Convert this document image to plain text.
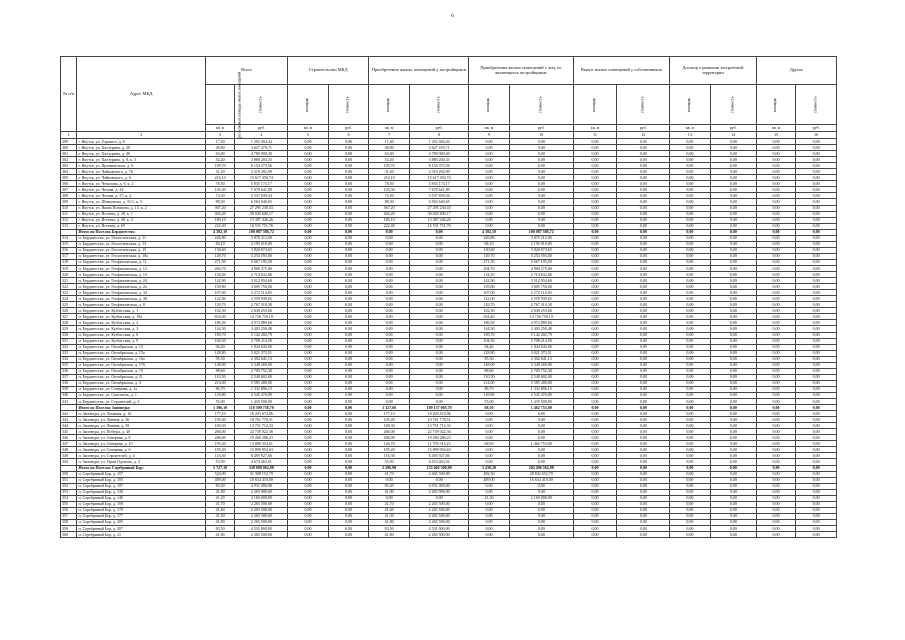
6
№ п/п	Адрес МКД	Всего		Строительство МКД		Приобретение жилых помещений у застройщиков		Приобретение жилых помещений у лиц, не являющихся застройщиком		Выкуп жилых помещений у собственников		Договор о развитии застроенной территории		Другое	
		расселяемая площадь жилых помещений	стоимость	площадь	стоимость	площадь	стоимость	площадь	стоимость	площадь	стоимость	площадь	стоимость	площадь	стоимость
		кв. м	руб.	кв. м	руб.	кв. м	руб.	кв. м	руб.	кв. м	руб.	кв. м	руб.	кв. м	руб.
1	2	3	4	5	6	7	8	9	10	11	12	13	14	15	16
299	г. Якутск, ул. Горького, д. 8	17,40	1 292 404,44	0,00	0,00	17,40	1 292 404,44	0,00	0,00	0,00	0,00	0,00	0,00	0,00	0,00
300	г. Якутск, ул. Халтурина, д. 28	48,80	3 627 470,71	0,00	0,00	48,80	3 627 470,71	0,00	0,00	0,00	0,00	0,00	0,00	0,00	0,00
301	г. Якутск, ул. Халтурина, д. 40	63,00	4 789 900,30	0,00	0,00	63,00	4 789 900,30	0,00	0,00	0,00	0,00	0,00	0,00	0,00	0,00
302	г. Якутск, ул. Халтурина, д. 8, к. 3	52,20	3 880 204,33	0,00	0,00	52,20	3 880 204,33	0,00	0,00	0,00	0,00	0,00	0,00	0,00	0,00
303	г. Якутск, ул. Циолковского, д. 6	109,70	8 154 373,56	0,00	0,00	109,70	8 154 373,56	0,00	0,00	0,00	0,00	0,00	0,00	0,00	0,00
304	г. Якутск, ул. Чайковского, д. 76	31,20	2 319 202,99	0,00	0,00	31,20	2 319 202,99	0,00	0,00	0,00	0,00	0,00	0,00	0,00	0,00
305	г. Якутск, ул. Чайковского, д. 6	210,10	15 617 450,74	0,00	0,00	210,10	15 617 450,74	0,00	0,00	0,00	0,00	0,00	0,00	0,00	0,00
306	г. Якутск, ул. Чепалова, д. 9, к. 2	78,50	5 835 173,17	0,00	0,00	78,50	5 835 173,17	0,00	0,00	0,00	0,00	0,00	0,00	0,00	0,00
307	г. Якутск, ул. Чехова, д. 32	103,30	7 678 641,89	0,00	0,00	103,30	7 678 641,89	0,00	0,00	0,00	0,00	0,00	0,00	0,00	0,00
308	г. Якутск, ул. Чехова, д. 57, к. 2	74,50	5 537 839,34	0,00	0,00	74,50	5 537 839,34	0,00	0,00	0,00	0,00	0,00	0,00	0,00	0,00
309	г. Якутск, ул. Шавкунова, д. 31/1, к. 5	88,30	6 563 640,65	0,00	0,00	88,30	6 563 640,65	0,00	0,00	0,00	0,00	0,00	0,00	0,00	0,00
310	г. Якутск, ул. Якова Потапова, д. 15, к. 2	367,20	27 295 230,43	0,00	0,00	367,20	27 295 230,43	0,00	0,00	0,00	0,00	0,00	0,00	0,00	0,00
311	г. Якутск, ул. Ястеева, д. 49, к. 1	404,20	30 045 600,17	0,00	0,00	404,20	30 045 600,17	0,00	0,00	0,00	0,00	0,00	0,00	0,00	0,00
312	г. Якутск, ул. Ястеева, д. 49, к. 2	180,10	13 387 446,26	0,00	0,00	180,10	13 387 446,26	0,00	0,00	0,00	0,00	0,00	0,00	0,00	0,00
313	г. Якутск, ул. Ястеева, д. 69	222,40	16 531 751,76	0,00	0,00	222,40	16 531 751,76	0,00	0,00	0,00	0,00	0,00	0,00	0,00	0,00
	Итого по Поселок Бердигестях:	4 392,10	100 087 586,72	0,00	0,00	0,00	0,00	4 392,10	100 087 586,72	0,00	0,00	0,00	0,00	0,00	0,00
314	п. Бердигестях, ул. Геологическая, д. 11	246,80	3 870 212,00	0,00	0,00	0,00	0,00	246,80	3 870 212,00	0,00	0,00	0,00	0,00	0,00	0,00
315	п. Бердигестях, ул. Геологическая, д. 13	84,10	2 195 010,00	0,00	0,00	0,00	0,00	84,10	2 195 010,00	0,00	0,00	0,00	0,00	0,00	0,00
316	п. Бердигестях, ул. Геологическая, д. 15	130,60	3 826 674,65	0,00	0,00	0,00	0,00	130,60	3 826 674,65	0,00	0,00	0,00	0,00	0,00	0,00
317	п. Бердигестях, ул. Геологическая, д. 18а	149,70	3 254 593,00	0,00	0,00	0,00	0,00	149,70	3 254 593,00	0,00	0,00	0,00	0,00	0,00	0,00
318	п. Бердигестях, ул. Геофизическая, д. 11	271,50	5 667 195,50	0,00	0,00	0,00	0,00	271,50	5 667 195,50	0,00	0,00	0,00	0,00	0,00	0,00
319	п. Бердигестях, ул. Геофизическая, д. 12	204,70	4 900 275,00	0,00	0,00	0,00	0,00	204,70	4 900 275,00	0,00	0,00	0,00	0,00	0,00	0,00
320	п. Бердигестях, ул. Геофизическая, д. 15	134,50	2 714 632,86	0,00	0,00	0,00	0,00	134,50	2 714 632,86	0,00	0,00	0,00	0,00	0,00	0,00
321	п. Бердигестях, ул. Геофизическая, д. 24	142,90	3 512 954,60	0,00	0,00	0,00	0,00	142,90	3 512 954,60	0,00	0,00	0,00	0,00	0,00	0,00
322	п. Бердигестях, ул. Геофизическая, д. 2а	159,80	3 605 756,00	0,00	0,00	0,00	0,00	159,80	3 605 756,00	0,00	0,00	0,00	0,00	0,00	0,00
323	п. Бердигестях, ул. Геофизическая, д. 34	107,00	2 272 114,83	0,00	0,00	0,00	0,00	107,00	2 272 114,83	0,00	0,00	0,00	0,00	0,00	0,00
324	п. Бердигестях, ул. Геофизическая, д. 38	122,00	2 559 939,65	0,00	0,00	0,00	0,00	122,00	2 559 939,65	0,00	0,00	0,00	0,00	0,00	0,00
325	п. Бердигестях, ул. Геофизическая, д. 8	129,70	2 767 310,38	0,00	0,00	0,00	0,00	129,70	2 767 310,38	0,00	0,00	0,00	0,00	0,00	0,00
326	п. Бердигестях, ул. Кузбасская, д. 1	102,30	2 630 253,60	0,00	0,00	0,00	0,00	102,30	2 630 253,60	0,00	0,00	0,00	0,00	0,00	0,00
327	п. Бердигестях, ул. Кузбасская, д. 19а	654,40	14 726 759,19	0,00	0,00	0,00	0,00	654,40	14 726 759,19	0,00	0,00	0,00	0,00	0,00	0,00
328	п. Бердигестях, ул. Кузбасская, д. 2	186,50	4 972 889,60	0,00	0,00	0,00	0,00	186,50	4 972 889,60	0,00	0,00	0,00	0,00	0,00	0,00
329	п. Бердигестях, ул. Кузбасская, д. 3	144,50	3 403 250,48	0,00	0,00	0,00	0,00	144,50	3 403 250,48	0,00	0,00	0,00	0,00	0,00	0,00
330	п. Бердигестях, ул. Кузбасская, д. 6	169,70	5 142 202,79	0,00	0,00	0,00	0,00	169,70	5 142 202,79	0,00	0,00	0,00	0,00	0,00	0,00
331	п. Бердигестях, ул. Кузбасская, д. 9	104,30	2 708 214,50	0,00	0,00	0,00	0,00	104,30	2 708 214,50	0,00	0,00	0,00	0,00	0,00	0,00
332	п. Бердигестях, ул. Октябрьская, д. 13	94,40	1 944 043,06	0,00	0,00	0,00	0,00	94,40	1 944 043,06	0,00	0,00	0,00	0,00	0,00	0,00
333	п. Бердигестях, ул. Октябрьская, д. 15а	128,80	3 021 373,51	0,00	0,00	0,00	0,00	128,80	3 021 373,51	0,00	0,00	0,00	0,00	0,00	0,00
334	п. Бердигестях, ул. Октябрьская, д. 16а	95,50	2 302 641,13	0,00	0,00	0,00	0,00	95,50	2 302 641,13	0,00	0,00	0,00	0,00	0,00	0,00
335	п. Бердигестях, ул. Октябрьская, д. 17б	148,00	3 348 269,00	0,00	0,00	0,00	0,00	148,00	3 348 269,00	0,00	0,00	0,00	0,00	0,00	0,00
336	п. Бердигестях, ул. Октябрьская, д. 19	88,60	2 705 752,30	0,00	0,00	0,00	0,00	88,60	2 705 752,30	0,00	0,00	0,00	0,00	0,00	0,00
337	п. Бердигестях, ул. Октябрьская, д. 21	110,50	2 548 602,00	0,00	0,00	0,00	0,00	110,50	2 548 602,00	0,00	0,00	0,00	0,00	0,00	0,00
338	п. Бердигестях, ул. Октябрьская, д. 4	214,00	5 585 400,00	0,00	0,00	0,00	0,00	214,00	5 585 400,00	0,00	0,00	0,00	0,00	0,00	0,00
339	п. Бердигестях, ул. Северная, д. 1а	86,70	1 332 896,15	0,00	0,00	0,00	0,00	86,70	1 332 896,15	0,00	0,00	0,00	0,00	0,00	0,00
340	п. Бердигестях, ул. Спасатель, д. 1	129,80	2 545 470,80	0,00	0,00	0,00	0,00	129,80	2 545 470,80	0,00	0,00	0,00	0,00	0,00	0,00
341	п. Бердигестях, ул. Строителей, д. 2	55,00	1 435 500,00	0,00	0,00	0,00	0,00	55,00	1 435 500,00	0,00	0,00	0,00	0,00	0,00	0,00
	Итого по Поселок Заповеды:	1 396,10	110 599 758,70	0,00	0,00	1 327,60	109 137 005,70	68,50	1 462 753,00	0,00	0,00	0,00	0,00	0,00	0,00
342	п. Заповеды, ул. Ломаная, д. 16	177,10	18 203 674,96	0,00	0,00	177,10	18 203 674,96	0,00	0,00	0,00	0,00	0,00	0,00	0,00	0,00
343	п. Заповеды, ул. Ленина, д. 36	105,40	10 761 778,51	0,00	0,00	105,40	10 761 778,51	0,00	0,00	0,00	0,00	0,00	0,00	0,00	0,00
344	п. Заповеды, ул. Ленина, д. 38	169,30	13 751 712,33	0,00	0,00	169,30	13 751 712,33	0,00	0,00	0,00	0,00	0,00	0,00	0,00	0,00
345	п. Заповеды, ул. Победы, д. 40	266,00	22 739 022,36	0,00	0,00	266,00	22 739 022,36	0,00	0,00	0,00	0,00	0,00	0,00	0,00	0,00
346	п. Заповеды, ул. Северная, д. 8	206,00	19 260 286,23	0,00	0,00	206,00	19 260 286,23	0,00	0,00	0,00	0,00	0,00	0,00	0,00	0,00
347	п. Заповеды, ул. Северная, д. 10	195,20	13 880 354,61	0,00	0,00	126,70	11 793 513,23	68,50	1 462 753,00	0,00	0,00	0,00	0,00	0,00	0,00
348	п. Заповеды, ул. Северная, д. 6	195,20	15 899 954,63	0,00	0,00	195,20	15 899 954,63	0,00	0,00	0,00	0,00	0,00	0,00	0,00	0,00
349	п. Заповеды, ул. Строителей, д. 4	116,30	8 495 927,66	0,00	0,00	116,30	8 495 927,66	0,00	0,00	0,00	0,00	0,00	0,00	0,00	0,00
350	п. Заповеды, ул. Героя Одонова, д. 4	53,90	4 674 463,91	0,00	0,00	53,90	4 674 463,91	0,00	0,00	0,00	0,00	0,00	0,00	0,00	0,00
	Итого по Поселок Серебряный Бор:	5 727,10	338 098 862,88	0,00	0,00	2 296,90	135 602 300,00	3 430,20	202 496 562,88	0,00	0,00	0,00	0,00	0,00	0,00
350	п. Серебряный Бор, д. 107	524,00	31 308 152,79	0,00	0,00	41,70	2 465 500,00	482,30	28 842 652,79	0,00	0,00	0,00	0,00	0,00	0,00
351	п. Серебряный Бор, д. 105	489,00	16 634 418,00	0,00	0,00	0,00	0,00	489,00	16 634 418,00	0,00	0,00	0,00	0,00	0,00	0,00
352	п. Серебряный Бор, д. 107	83,40	4 931 000,00	0,00	0,00	83,40	4 931 000,00	0,00	0,00	0,00	0,00	0,00	0,00	0,00	0,00
353	п. Серебряный Бор, д. 130	41,80	2 265 900,00	0,00	0,00	41,80	2 265 900,00	0,00	0,00	0,00	0,00	0,00	0,00	0,00	0,00
354	п. Серебряный Бор, д. 146	41,20	2 160 000,00	0,00	0,00	0,00	0,00	41,20	2 160 000,00	0,00	0,00	0,00	0,00	0,00	0,00
355	п. Серебряный Бор, д. 169	41,70	2 265 500,00	0,00	0,00	41,70	2 265 500,00	0,00	0,00	0,00	0,00	0,00	0,00	0,00	0,00
356	п. Серебряный Бор, д. 170	41,60	2 265 500,00	0,00	0,00	41,60	2 265 500,00	0,00	0,00	0,00	0,00	0,00	0,00	0,00	0,00
357	п. Серебряный Бор, д. 177	41,50	2 265 500,00	0,00	0,00	41,50	2 265 500,00	0,00	0,00	0,00	0,00	0,00	0,00	0,00	0,00
358	п. Серебряный Бор, д. 205	41,80	2 265 500,00	0,00	0,00	41,80	2 265 500,00	0,00	0,00	0,00	0,00	0,00	0,00	0,00	0,00
359	п. Серебряный Бор, д. 207	83,50	4 531 000,00	0,00	0,00	83,50	4 531 000,00	0,00	0,00	0,00	0,00	0,00	0,00	0,00	0,00
360	п. Серебряный Бор, д. 21	41,80	2 265 500,00	0,00	0,00	41,80	2 265 500,00	0,00	0,00	0,00	0,00	0,00	0,00	0,00	0,00
